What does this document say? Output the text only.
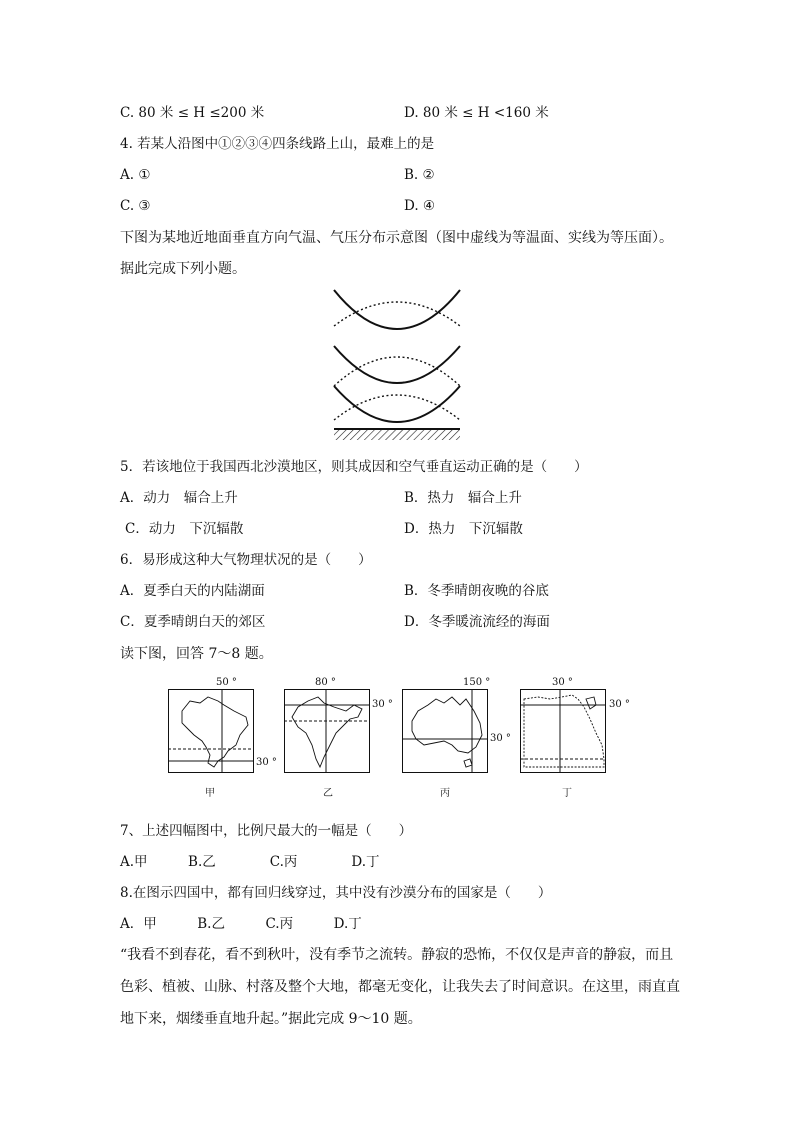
C. 80 米 ≤ H ≤200 米	D. 80 米 ≤ H <160 米
4. 若某人沿图中①②③④四条线路上山，最难上的是
A. ①	B. ②
C. ③	D. ④
下图为某地近地面垂直方向气温、气压分布示意图（图中虚线为等温面、实线为等压面）。
据此完成下列小题。
5．若该地位于我国西北沙漠地区，则其成因和空气垂直运动正确的是（　　）
A．动力　辐合上升	B．热力　辐合上升
C．动力　下沉辐散	D．热力　下沉辐散
6．易形成这种大气物理状况的是（　　）
A．夏季白天的内陆湖面	B．冬季晴朗夜晚的谷底
C．夏季晴朗白天的郊区	D．冬季暖流流经的海面
读下图，回答 7～8 题。
50 °
30 °
甲
80 °
30 °
乙
150 °
30 °
丙
30 °
30 °
丁
7、上述四幅图中，比例尺最大的一幅是（　　）
A.甲　　　B.乙　　　　C.丙　　　　D.丁
8.在图示四国中，都有回归线穿过，其中没有沙漠分布的国家是（　　）
A．甲　　　B.乙　　　C.丙　　　D.丁
“我看不到春花，看不到秋叶，没有季节之流转。静寂的恐怖，不仅仅是声音的静寂，而且
色彩、植被、山脉、村落及整个大地，都毫无变化，让我失去了时间意识。在这里，雨直直
地下来，烟缕垂直地升起。”据此完成 9～10 题。
